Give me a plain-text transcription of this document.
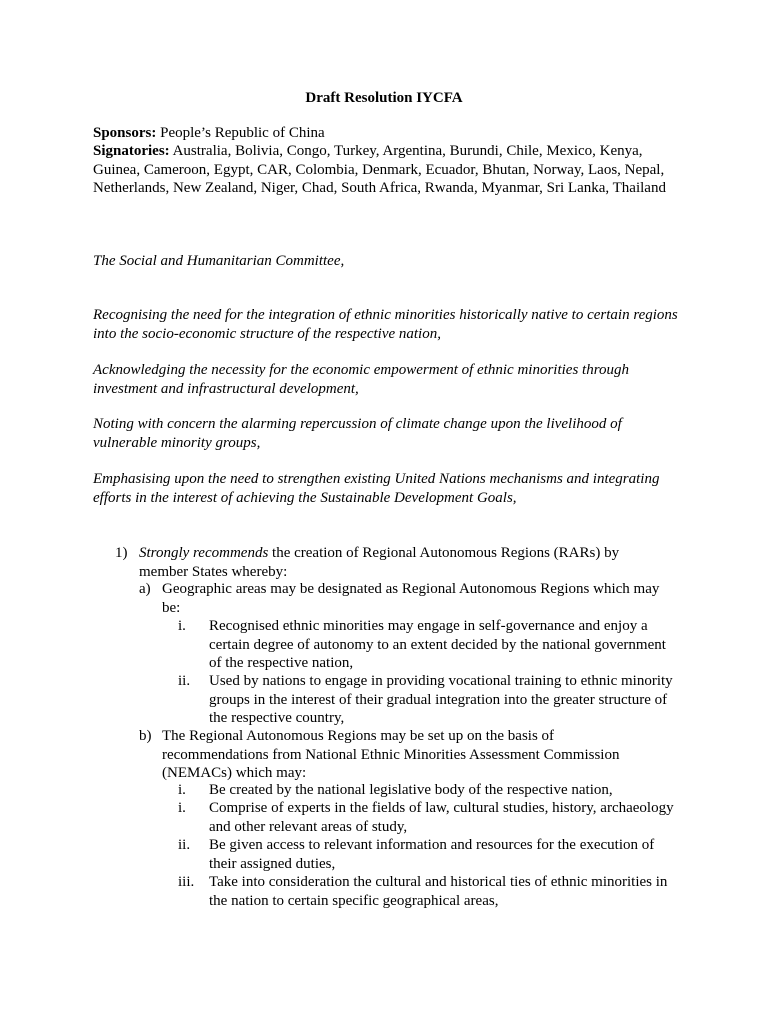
Draft Resolution IYCFA
Sponsors: People’s Republic of China
Signatories: Australia, Bolivia, Congo, Turkey, Argentina, Burundi, Chile, Mexico, Kenya, Guinea, Cameroon, Egypt, CAR, Colombia, Denmark, Ecuador, Bhutan, Norway, Laos, Nepal, Netherlands, New Zealand, Niger, Chad, South Africa, Rwanda, Myanmar, Sri Lanka, Thailand
The Social and Humanitarian Committee,
Recognising the need for the integration of ethnic minorities historically native to certain regions into the socio-economic structure of the respective nation,
Acknowledging the necessity for the economic empowerment of ethnic minorities through investment and infrastructural development,
Noting with concern the alarming repercussion of climate change upon the livelihood of vulnerable minority groups,
Emphasising upon the need to strengthen existing United Nations mechanisms and integrating efforts in the interest of achieving the Sustainable Development Goals,
1) Strongly recommends the creation of Regional Autonomous Regions (RARs) by member States whereby:
a) Geographic areas may be designated as Regional Autonomous Regions which may be:
i. Recognised ethnic minorities may engage in self-governance and enjoy a certain degree of autonomy to an extent decided by the national government of the respective nation,
ii. Used by nations to engage in providing vocational training to ethnic minority groups in the interest of their gradual integration into the greater structure of the respective country,
b) The Regional Autonomous Regions may be set up on the basis of recommendations from National Ethnic Minorities Assessment Commission (NEMACs) which may:
i. Be created by the national legislative body of the respective nation,
i. Comprise of experts in the fields of law, cultural studies, history, archaeology and other relevant areas of study,
ii. Be given access to relevant information and resources for the execution of their assigned duties,
iii. Take into consideration the cultural and historical ties of ethnic minorities in the nation to certain specific geographical areas,
